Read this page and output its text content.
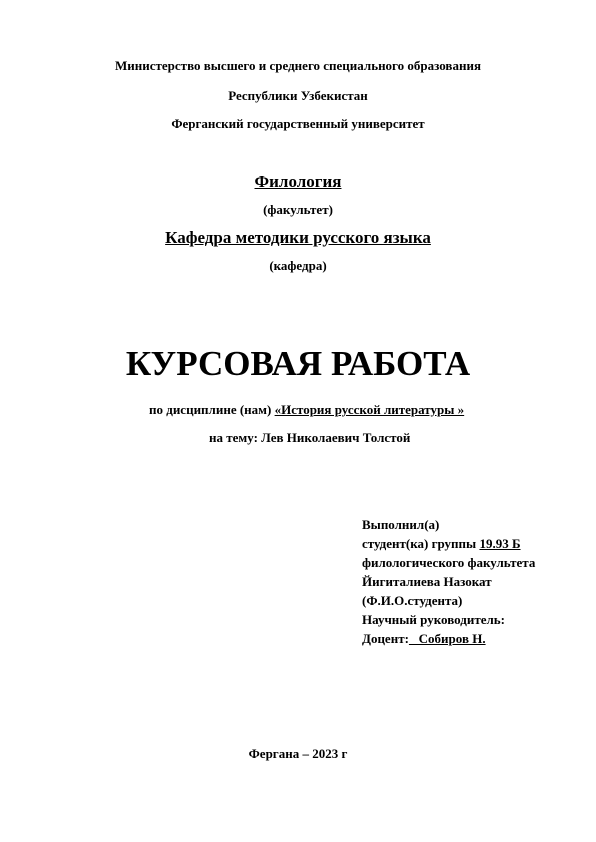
Министерство высшего и среднего специального образования
Республики Узбекистан
Ферганский государственный университет
Филология
(факультет)
Кафедра методики русского языка
(кафедра)
КУРСОВАЯ РАБОТА
по дисциплине (нам) «История русской литературы »
на тему: Лев Николаевич Толстой
Выполнил(а)
студент(ка) группы 19.93 Б
филологического факультета
Йигиталиева Назокат
(Ф.И.О.студента)
Научный руководитель:
Доцент:   Собиров Н.
Фергана – 2023 г
